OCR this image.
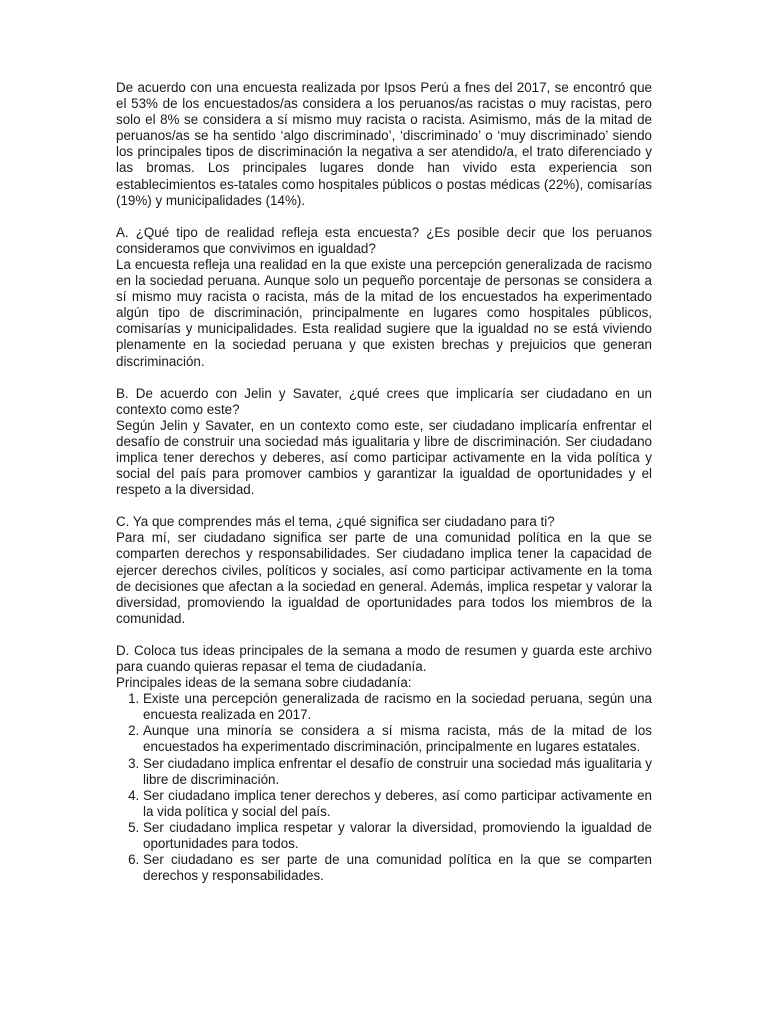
De acuerdo con una encuesta realizada por Ipsos Perú a fnes del 2017, se encontró que el 53% de los encuestados/as considera a los peruanos/as racistas o muy racistas, pero solo el 8% se considera a sí mismo muy racista o racista. Asimismo, más de la mitad de peruanos/as se ha sentido ‘algo discriminado’, ‘discriminado’ o ‘muy discriminado’ siendo los principales tipos de discriminación la negativa a ser atendido/a, el trato diferenciado y las bromas. Los principales lugares donde han vivido esta experiencia son establecimientos es-tatales como hospitales públicos o postas médicas (22%), comisarías (19%) y municipalidades (14%).

A. ¿Qué tipo de realidad refleja esta encuesta? ¿Es posible decir que los peruanos consideramos que convivimos en igualdad?

La encuesta refleja una realidad en la que existe una percepción generalizada de racismo en la sociedad peruana. Aunque solo un pequeño porcentaje de personas se considera a sí mismo muy racista o racista, más de la mitad de los encuestados ha experimentado algún tipo de discriminación, principalmente en lugares como hospitales públicos, comisarías y municipalidades. Esta realidad sugiere que la igualdad no se está viviendo plenamente en la sociedad peruana y que existen brechas y prejuicios que generan discriminación.

B. De acuerdo con Jelin y Savater, ¿qué crees que implicaría ser ciudadano en un contexto como este?

Según Jelin y Savater, en un contexto como este, ser ciudadano implicaría enfrentar el desafío de construir una sociedad más igualitaria y libre de discriminación. Ser ciudadano implica tener derechos y deberes, así como participar activamente en la vida política y social del país para promover cambios y garantizar la igualdad de oportunidades y el respeto a la diversidad.

C. Ya que comprendes más el tema, ¿qué significa ser ciudadano para ti?

Para mí, ser ciudadano significa ser parte de una comunidad política en la que se comparten derechos y responsabilidades. Ser ciudadano implica tener la capacidad de ejercer derechos civiles, políticos y sociales, así como participar activamente en la toma de decisiones que afectan a la sociedad en general. Además, implica respetar y valorar la diversidad, promoviendo la igualdad de oportunidades para todos los miembros de la comunidad.

D. Coloca tus ideas principales de la semana a modo de resumen y guarda este archivo para cuando quieras repasar el tema de ciudadanía.

Principales ideas de la semana sobre ciudadanía:

1. Existe una percepción generalizada de racismo en la sociedad peruana, según una encuesta realizada en 2017.
2. Aunque una minoría se considera a sí misma racista, más de la mitad de los encuestados ha experimentado discriminación, principalmente en lugares estatales.
3. Ser ciudadano implica enfrentar el desafío de construir una sociedad más igualitaria y libre de discriminación.
4. Ser ciudadano implica tener derechos y deberes, así como participar activamente en la vida política y social del país.
5. Ser ciudadano implica respetar y valorar la diversidad, promoviendo la igualdad de oportunidades para todos.
6. Ser ciudadano es ser parte de una comunidad política en la que se comparten derechos y responsabilidades.
